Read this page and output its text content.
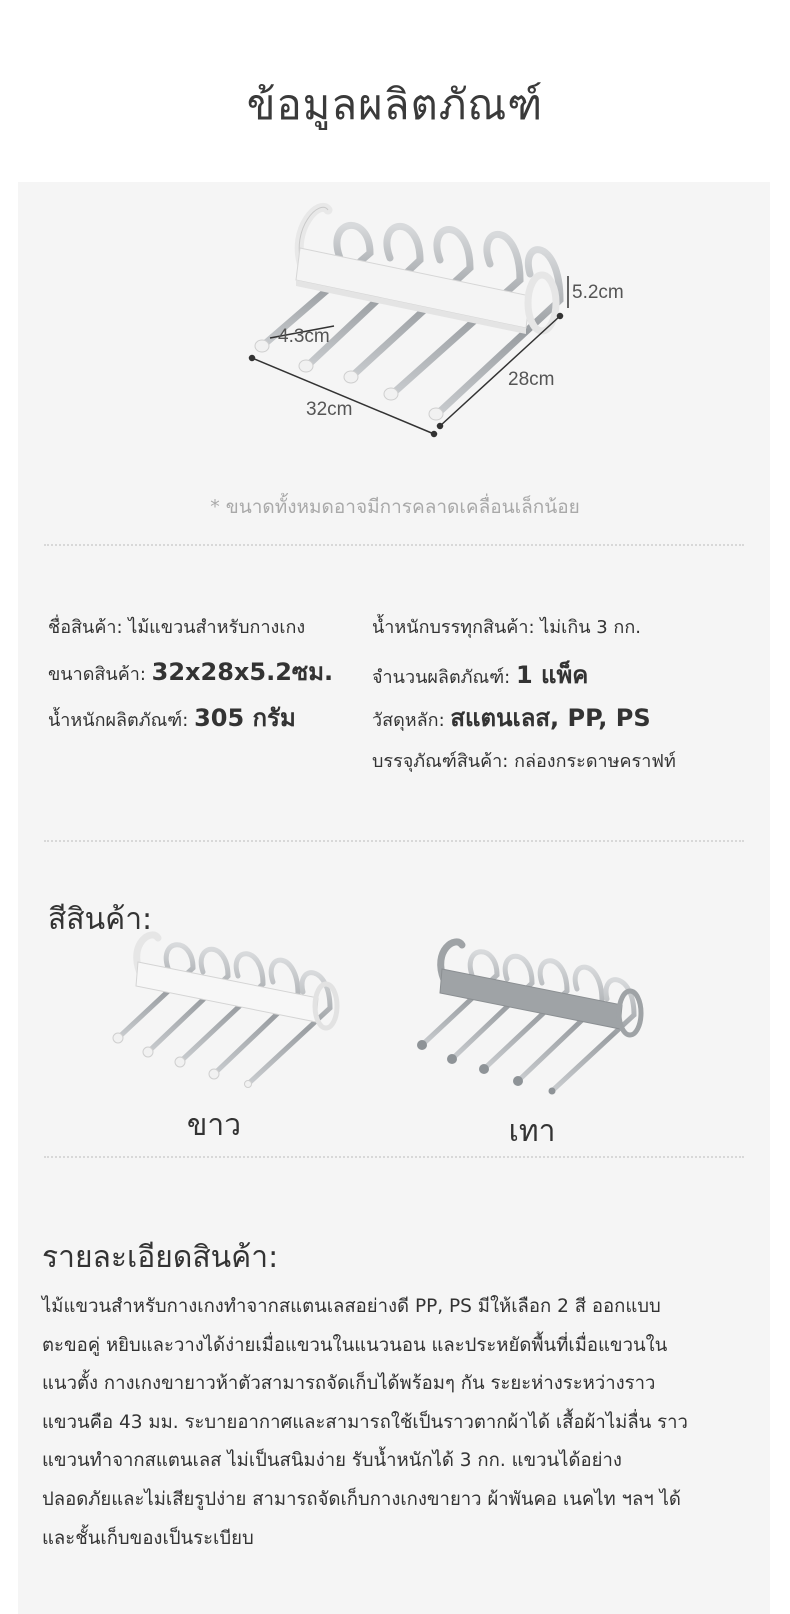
ข้อมูลผลิตภัณฑ์
5.2cm
4.3cm
28cm
32cm
* ขนาดทั้งหมดอาจมีการคลาดเคลื่อนเล็กน้อย
ชื่อสินค้า: ไม้แขวนสำหรับกางเกง
ขนาดสินค้า: 32x28x5.2ซม.
น้ำหนักผลิตภัณฑ์: 305 กรัม
น้ำหนักบรรทุกสินค้า: ไม่เกิน 3 กก.
จำนวนผลิตภัณฑ์: 1 แพ็ค
วัสดุหลัก: สแตนเลส, PP, PS
บรรจุภัณฑ์สินค้า: กล่องกระดาษคราฟท์
สีสินค้า:
ขาว	เทา
รายละเอียดสินค้า:
ไม้แขวนสำหรับกางเกงทำจากสแตนเลสอย่างดี PP, PS มีให้เลือก 2 สี ออกแบบ
ตะขอคู่ หยิบและวางได้ง่ายเมื่อแขวนในแนวนอน และประหยัดพื้นที่เมื่อแขวนใน
แนวตั้ง กางเกงขายาวห้าตัวสามารถจัดเก็บได้พร้อมๆ กัน ระยะห่างระหว่างราว
แขวนคือ 43 มม. ระบายอากาศและสามารถใช้เป็นราวตากผ้าได้ เสื้อผ้าไม่ลื่น ราว
แขวนทำจากสแตนเลส ไม่เป็นสนิมง่าย รับน้ำหนักได้ 3 กก. แขวนได้อย่าง
ปลอดภัยและไม่เสียรูปง่าย สามารถจัดเก็บกางเกงขายาว ผ้าพันคอ เนคไท ฯลฯ ได้
และชั้นเก็บของเป็นระเบียบ
